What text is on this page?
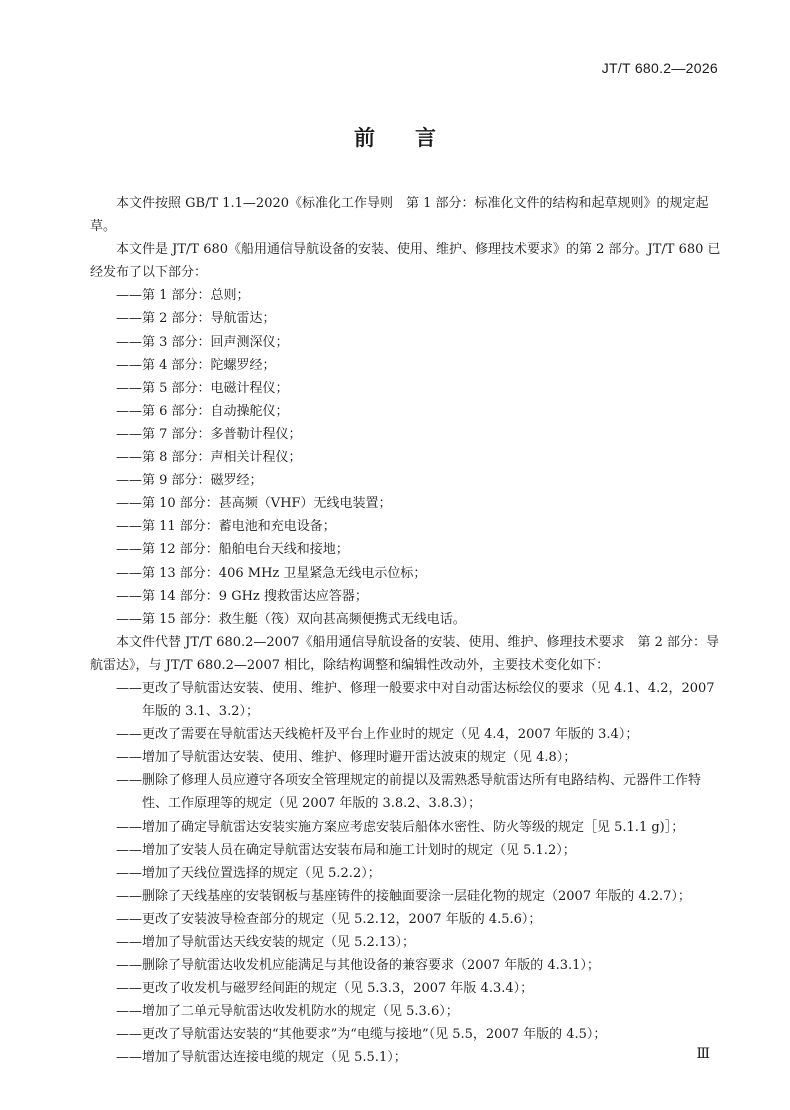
JT/T 680.2—2026
前言

本文件按照 GB/T 1.1—2020《标准化工作导则　第 1 部分：标准化文件的结构和起草规则》的规定起草。

本文件是 JT/T 680《船用通信导航设备的安装、使用、维护、修理技术要求》的第 2 部分。JT/T 680 已经发布了以下部分：

——第 1 部分：总则；

——第 2 部分：导航雷达；

——第 3 部分：回声测深仪；

——第 4 部分：陀螺罗经；

——第 5 部分：电磁计程仪；

——第 6 部分：自动操舵仪；

——第 7 部分：多普勒计程仪；

——第 8 部分：声相关计程仪；

——第 9 部分：磁罗经；

——第 10 部分：甚高频（VHF）无线电装置；

——第 11 部分：蓄电池和充电设备；

——第 12 部分：船舶电台天线和接地；

——第 13 部分：406 MHz 卫星紧急无线电示位标；

——第 14 部分：9 GHz 搜救雷达应答器；

——第 15 部分：救生艇（筏）双向甚高频便携式无线电话。

本文件代替 JT/T 680.2—2007《船用通信导航设备的安装、使用、维护、修理技术要求　第 2 部分：导航雷达》，与 JT/T 680.2—2007 相比，除结构调整和编辑性改动外，主要技术变化如下：

——更改了导航雷达安装、使用、维护、修理一般要求中对自动雷达标绘仪的要求（见 4.1、4.2，2007 年版的 3.1、3.2）；

——更改了需要在导航雷达天线桅杆及平台上作业时的规定（见 4.4，2007 年版的 3.4）；

——增加了导航雷达安装、使用、维护、修理时避开雷达波束的规定（见 4.8）；

——删除了修理人员应遵守各项安全管理规定的前提以及需熟悉导航雷达所有电路结构、元器件工作特性、工作原理等的规定（见 2007 年版的 3.8.2、3.8.3）；

——增加了确定导航雷达安装实施方案应考虑安装后船体水密性、防火等级的规定［见 5.1.1 g)］；

——增加了安装人员在确定导航雷达安装布局和施工计划时的规定（见 5.1.2）；

——增加了天线位置选择的规定（见 5.2.2）；

——删除了天线基座的安装钢板与基座铸件的接触面要涂一层硅化物的规定（2007 年版的 4.2.7）；

——更改了安装波导检查部分的规定（见 5.2.12，2007 年版的 4.5.6）；

——增加了导航雷达天线安装的规定（见 5.2.13）；

——删除了导航雷达收发机应能满足与其他设备的兼容要求（2007 年版的 4.3.1）；

——更改了收发机与磁罗经间距的规定（见 5.3.3，2007 年版 4.3.4）；

——增加了二单元导航雷达收发机防水的规定（见 5.3.6）；

——更改了导航雷达安装的“其他要求”为“电缆与接地”（见 5.5，2007 年版的 4.5）；

——增加了导航雷达连接电缆的规定（见 5.5.1）；	Ⅲ
